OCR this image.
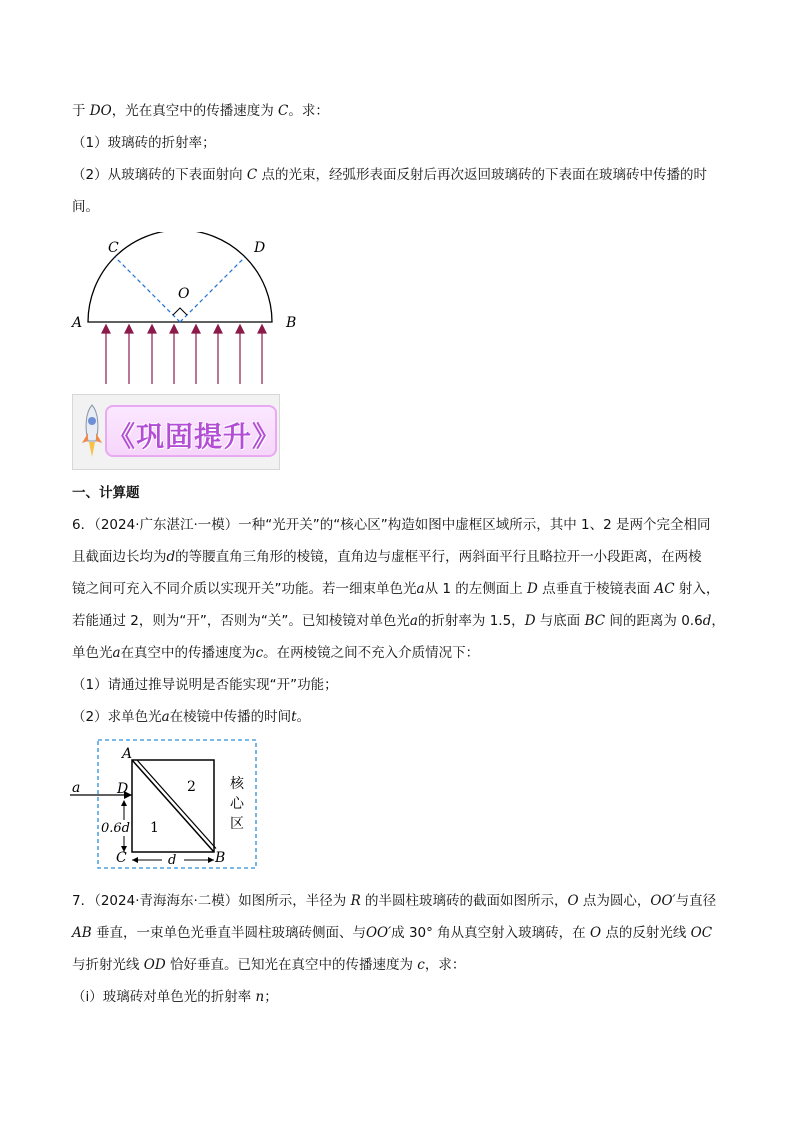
于 DO，光在真空中的传播速度为 C。求：
（1）玻璃砖的折射率；
（2）从玻璃砖的下表面射向 C 点的光束，经弧形表面反射后再次返回玻璃砖的下表面在玻璃砖中传播的时
间。
C	D
O
A	B
《巩固提升》
一、计算题
6．（2024·广东湛江·一模）一种“光开关”的“核心区”构造如图中虚框区域所示，其中 1、2 是两个完全相同
且截面边长均为d的等腰直角三角形的棱镜，直角边与虚框平行，两斜面平行且略拉开一小段距离，在两棱
镜之间可充入不同介质以实现开关”功能。若一细束单色光a从 1 的左侧面上 D 点垂直于棱镜表面 AC 射入，
若能通过 2，则为“开”，否则为“关”。已知棱镜对单色光a的折射率为 1.5，D 与底面 BC 间的距离为 0.6d，
单色光a在真空中的传播速度为c。在两棱镜之间不充入介质情况下：
（1）请通过推导说明是否能实现“开”功能；
（2）求单色光a在棱镜中传播的时间t。
a
A
D
C	B
1
2
0.6d
d
核
心
区
7．（2024·青海海东·二模）如图所示，半径为 R 的半圆柱玻璃砖的截面如图所示，O 点为圆心，OO′与直径
AB 垂直，一束单色光垂直半圆柱玻璃砖侧面、与OO′成 30° 角从真空射入玻璃砖，在 O 点的反射光线 OC
与折射光线 OD 恰好垂直。已知光在真空中的传播速度为 c，求：
（ⅰ）玻璃砖对单色光的折射率 n；
